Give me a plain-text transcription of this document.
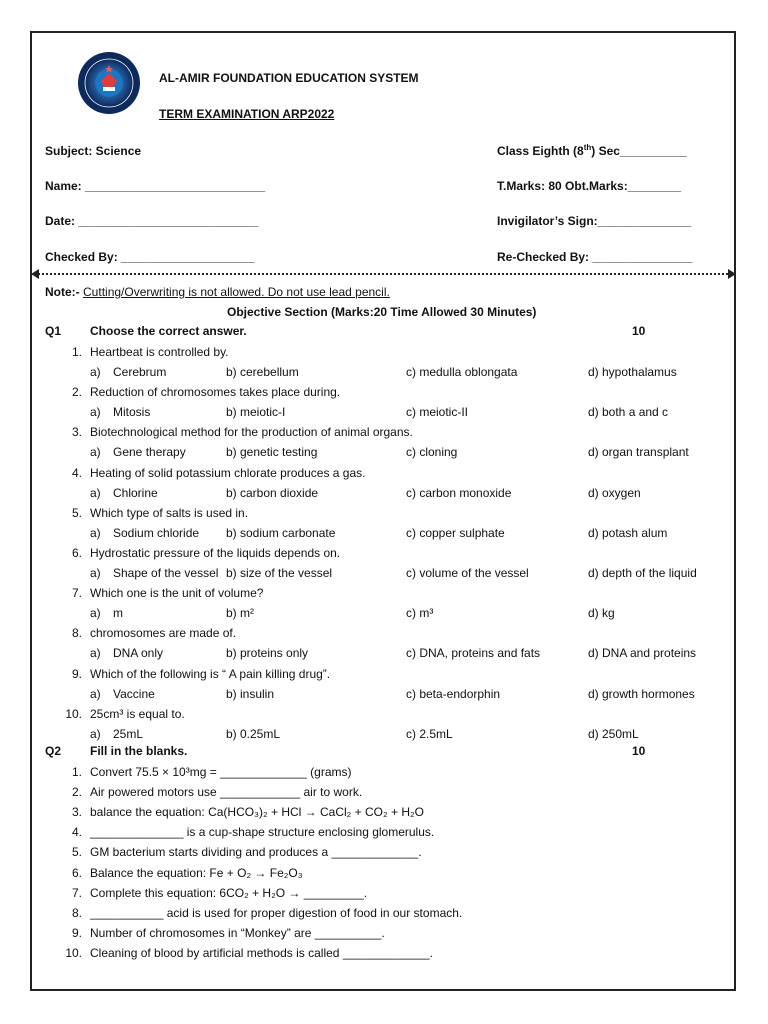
AL-AMIR FOUNDATION EDUCATION SYSTEM
TERM EXAMINATION ARP2022
Subject: Science	Class Eighth (8th) Sec__________
Name: ___________________________	T.Marks: 80 Obt.Marks:________
Date: ___________________________	Invigilator’s Sign:______________
Checked By: ____________________	Re-Checked By: _______________
Note:- Cutting/Overwriting is not allowed. Do not use lead pencil.
Objective Section (Marks:20 Time Allowed 30 Minutes)
Q1 Choose the correct answer.	10
1. Heartbeat is controlled by.
a) Cerebrum	b) cerebellum	c) medulla oblongata	d) hypothalamus
2. Reduction of chromosomes takes place during.
a) Mitosis	b) meiotic-I	c) meiotic-II	d) both a and c
3. Biotechnological method for the production of animal organs.
a) Gene therapy	b) genetic testing	c) cloning	d) organ transplant
4. Heating of solid potassium chlorate produces a gas.
a) Chlorine	b) carbon dioxide	c) carbon monoxide	d) oxygen
5. Which type of salts is used in.
a) Sodium chloride b) sodium carbonate	c) copper sulphate	d) potash alum
6. Hydrostatic pressure of the liquids depends on.
a) Shape of the vessel b) size of the vessel	c) volume of the vessel	d) depth of the liquid
7. Which one is the unit of volume?
a) m	b) m²	c) m³	d) kg
8. chromosomes are made of.
a) DNA only	b) proteins only	c) DNA, proteins and fats	d) DNA and proteins
9. Which of the following is “ A pain killing drug”.
a) Vaccine	b) insulin	c) beta-endorphin	d) growth hormones
10. 25cm³ is equal to.
a) 25mL	b) 0.25mL	c) 2.5mL	d) 250mL
Q2 Fill in the blanks.	10
1. Convert 75.5 × 10³mg = _____________ (grams)
2. Air powered motors use ____________ air to work.
3. balance the equation: Ca(HCO₃)₂ + HCl → CaCl₂ + CO₂ + H₂O
4. ______________ is a cup-shape structure enclosing glomerulus.
5. GM bacterium starts dividing and produces a _____________.
6. Balance the equation: Fe + O₂ → Fe₂O₃
7. Complete this equation: 6CO₂ + H₂O → _________.
8. ___________ acid is used for proper digestion of food in our stomach.
9. Number of chromosomes in “Monkey” are __________.
10. Cleaning of blood by artificial methods is called _____________.
